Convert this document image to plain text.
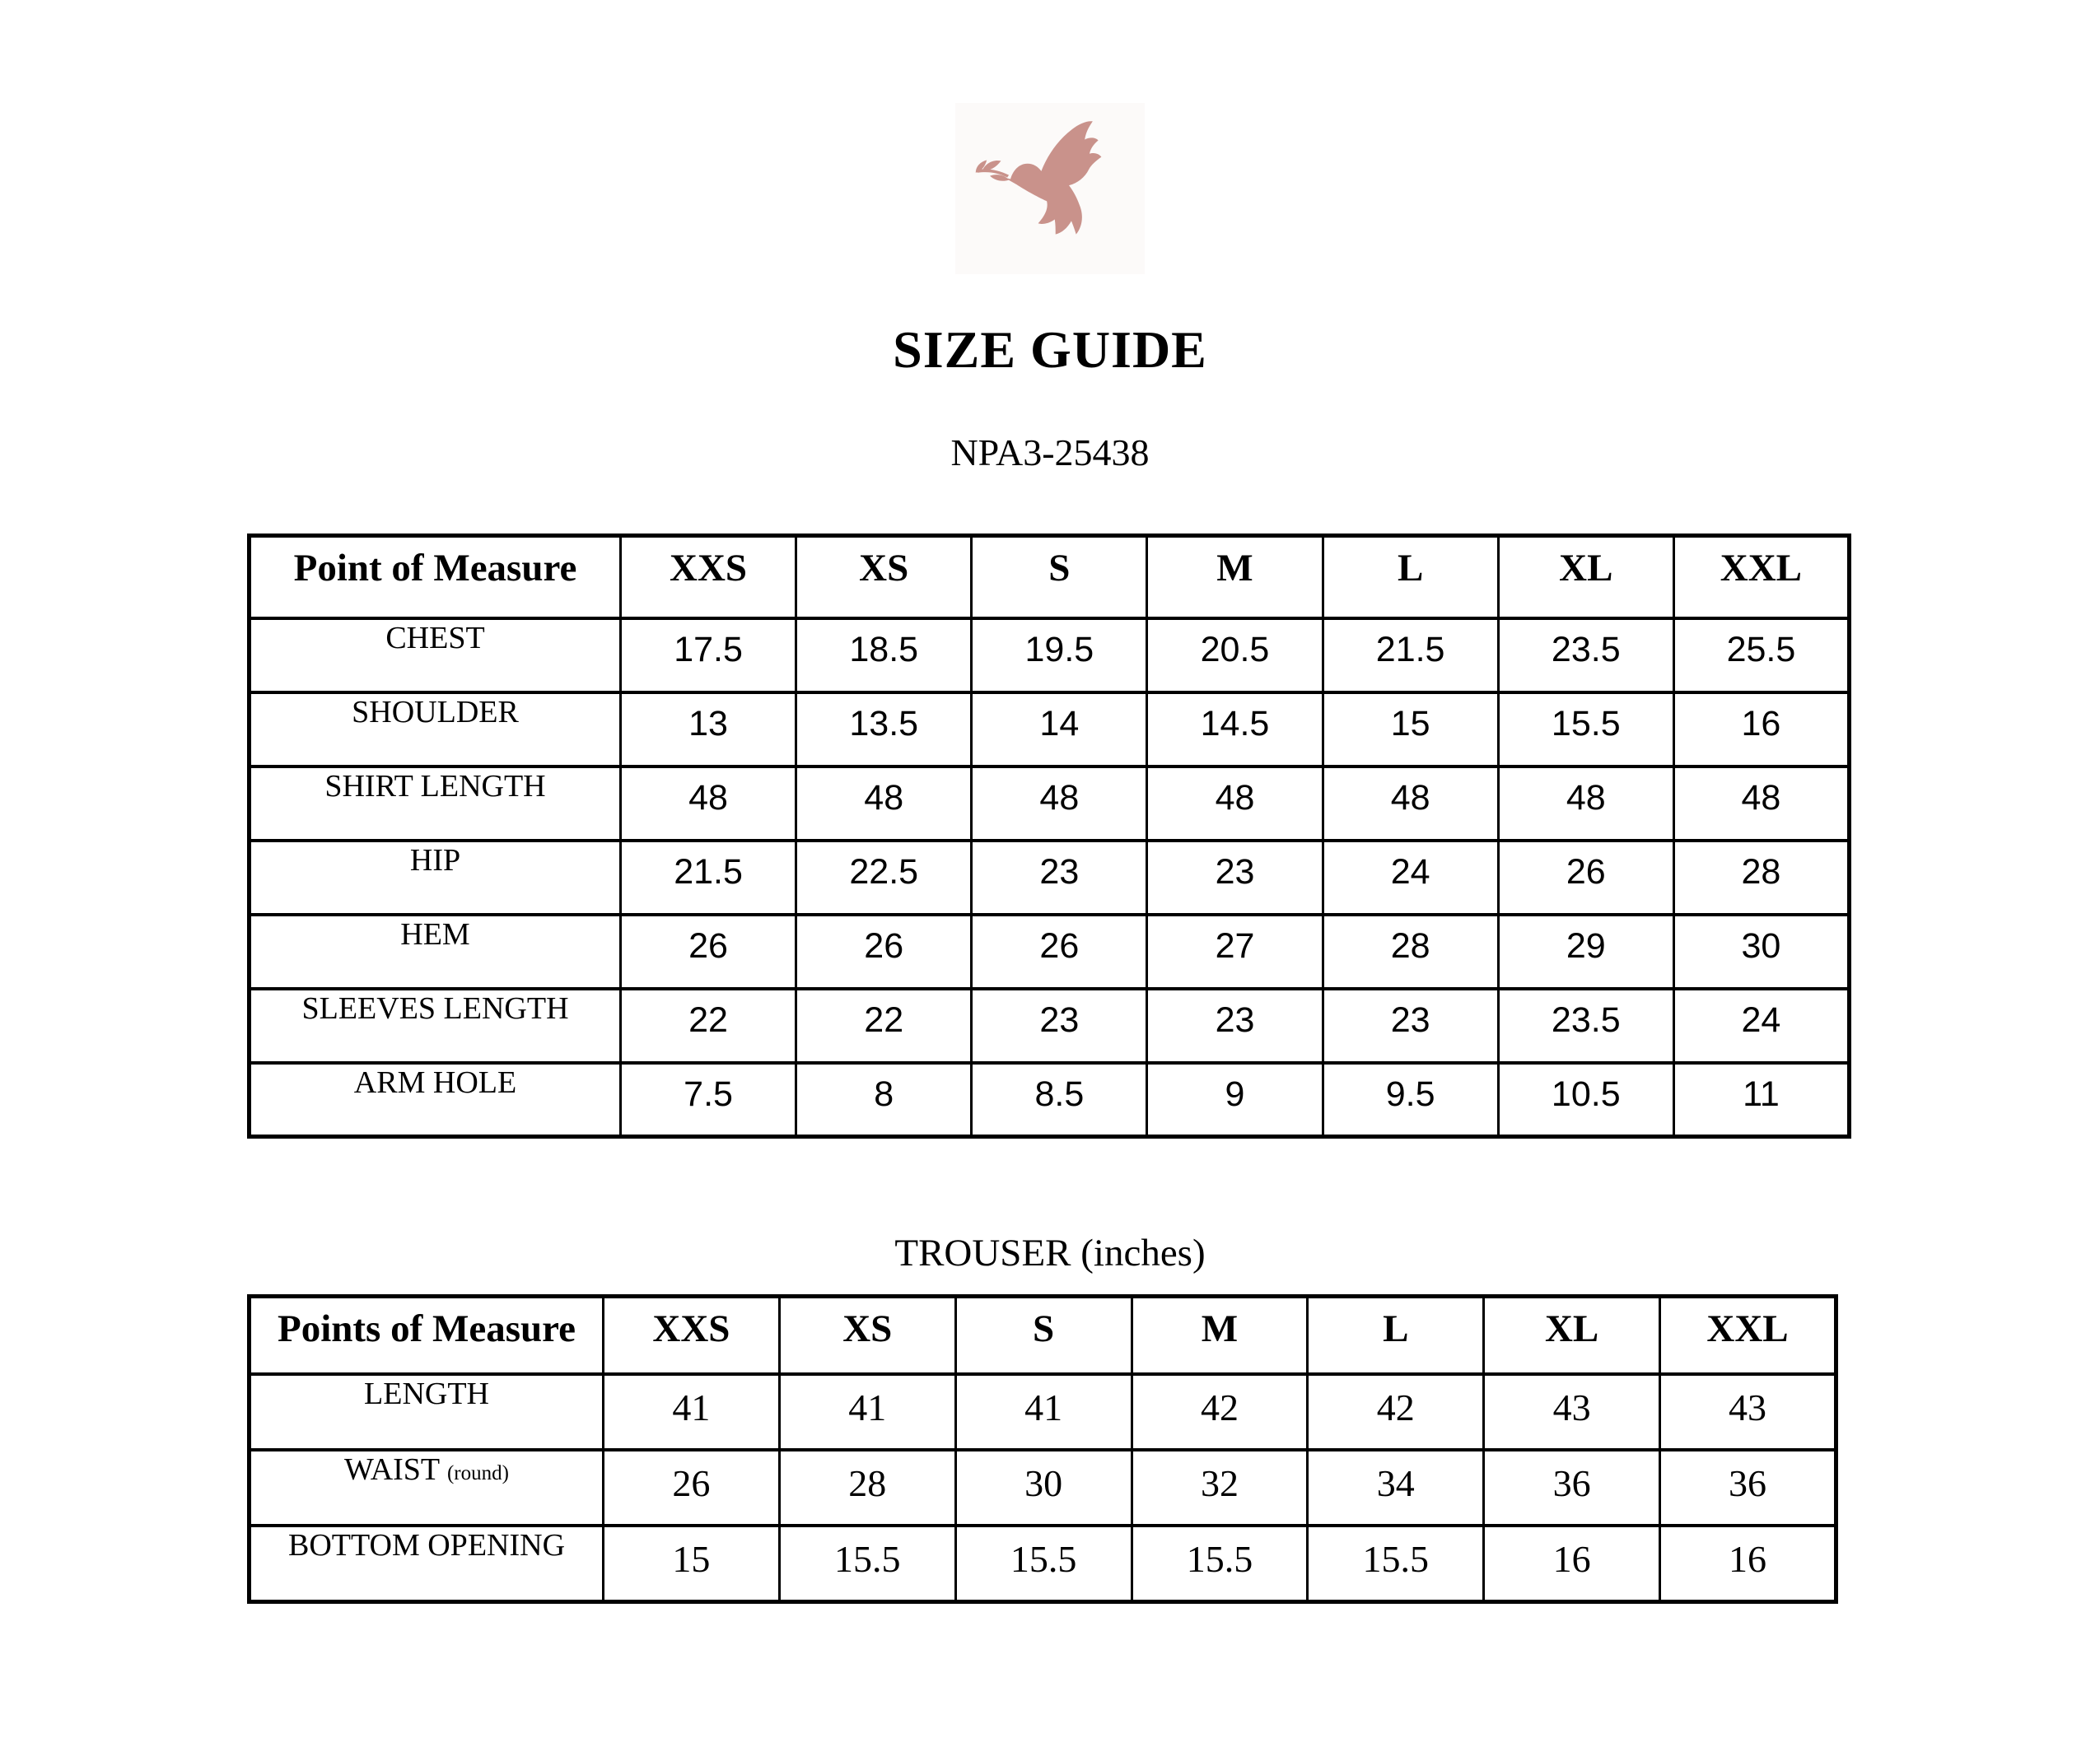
SIZE GUIDE
NPA3-25438
Point of Measure	XXS	XS	S	M	L	XL	XXL
CHEST	17.5	18.5	19.5	20.5	21.5	23.5	25.5
SHOULDER	13	13.5	14	14.5	15	15.5	16
SHIRT LENGTH	48	48	48	48	48	48	48
HIP	21.5	22.5	23	23	24	26	28
HEM	26	26	26	27	28	29	30
SLEEVES LENGTH	22	22	23	23	23	23.5	24
ARM HOLE	7.5	8	8.5	9	9.5	10.5	11
TROUSER (inches)
Points of Measure	XXS	XS	S	M	L	XL	XXL
LENGTH	41	41	41	42	42	43	43
WAIST (round)	26	28	30	32	34	36	36
BOTTOM OPENING	15	15.5	15.5	15.5	15.5	16	16
